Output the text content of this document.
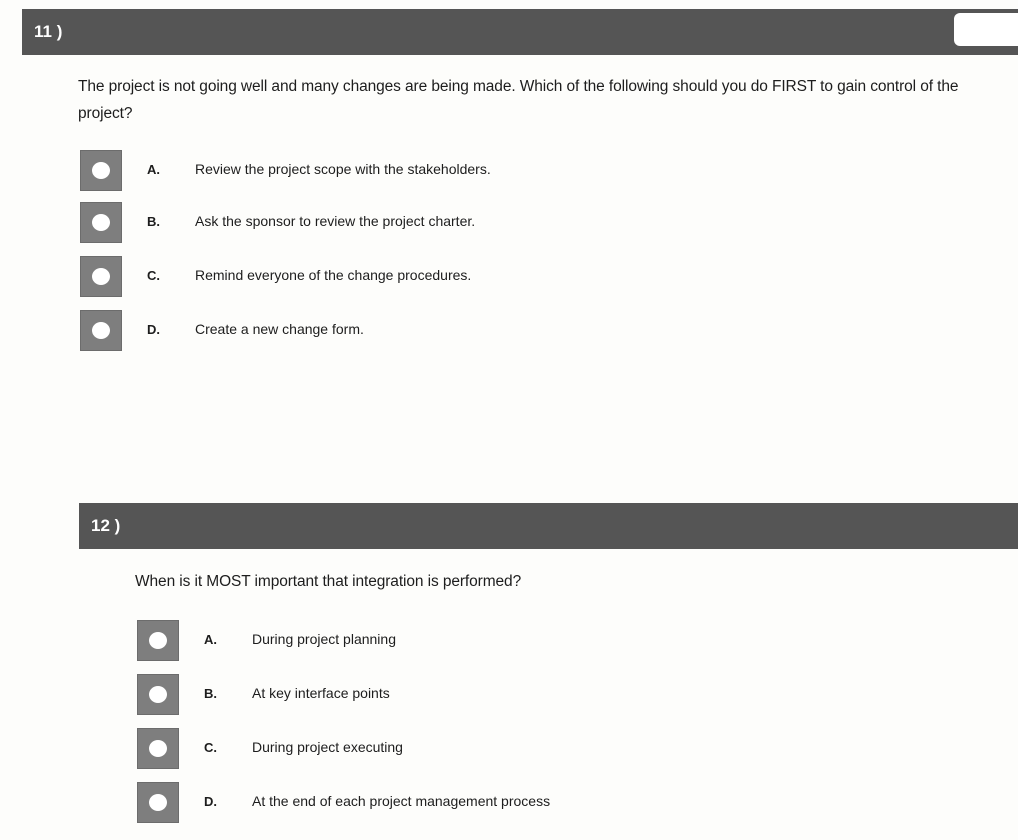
11 )
The project is not going well and many changes are being made. Which of the following should you do FIRST to gain control of the project?
A.	Review the project scope with the stakeholders.
B.	Ask the sponsor to review the project charter.
C.	Remind everyone of the change procedures.
D.	Create a new change form.
12 )
When is it MOST important that integration is performed?
A.	During project planning
B.	At key interface points
C.	During project executing
D.	At the end of each project management process
